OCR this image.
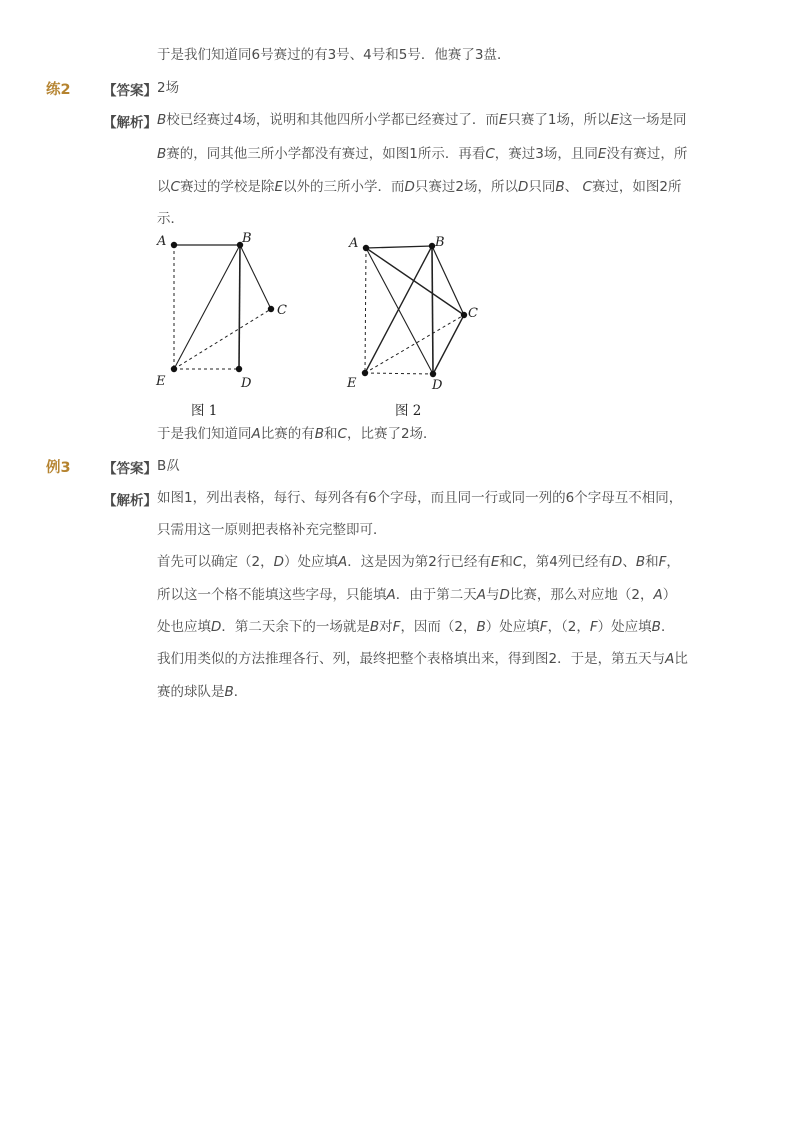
于是我们知道同6号赛过的有3号、4号和5号．他赛了3盘．
练2 【答案】 2场
【解析】 B校已经赛过4场，说明和其他四所小学都已经赛过了．而E只赛了1场，所以E这一场是同
B赛的，同其他三所小学都没有赛过，如图1所示．再看C，赛过3场，且同E没有赛过，所
以C赛过的学校是除E以外的三所小学．而D只赛过2场，所以D只同B、 C赛过，如图2所
示．
A	B
C
D
E
图 1
A	B
C
D
E
图 2
于是我们知道同A比赛的有B和C，比赛了2场．
例3 【答案】 B队
【解析】 如图1，列出表格，每行、每列各有6个字母，而且同一行或同一列的6个字母互不相同，
只需用这一原则把表格补充完整即可．
首先可以确定（2，D）处应填A．这是因为第2行已经有E和C，第4列已经有D、B和F，
所以这一个格不能填这些字母，只能填A．由于第二天A与D比赛，那么对应地（2，A）
处也应填D．第二天余下的一场就是B对F，因而（2，B）处应填F，（2，F）处应填B．
我们用类似的方法推理各行、列，最终把整个表格填出来，得到图2．于是，第五天与A比
赛的球队是B．
